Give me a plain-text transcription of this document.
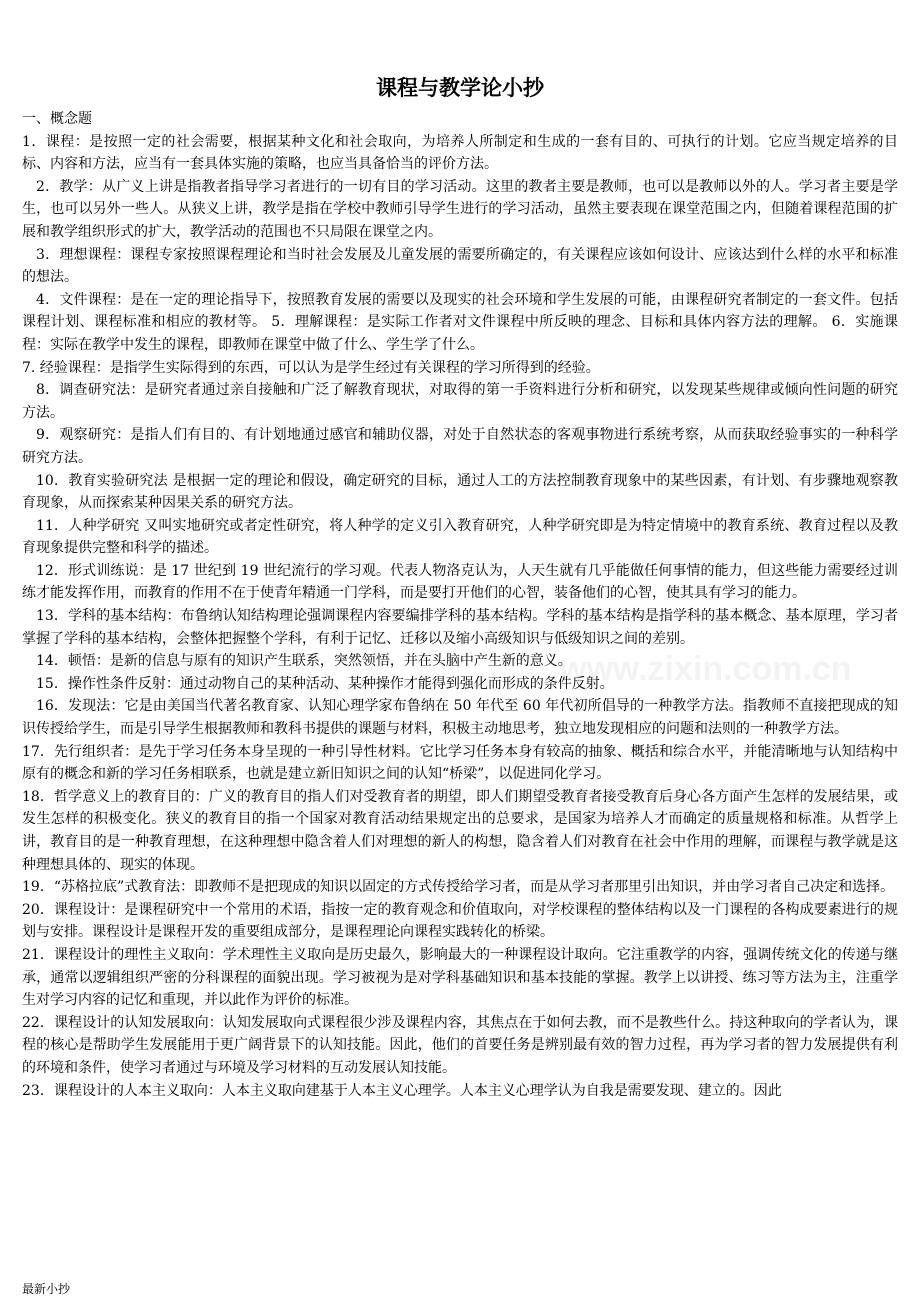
www.zixin.com.cn
课程与教学论小抄

一、概念题

1．课程：是按照一定的社会需要，根据某种文化和社会取向，为培养人所制定和生成的一套有目的、可执行的计划。它应当规定培养的目标、内容和方法，应当有一套具体实施的策略，也应当具备恰当的评价方法。

2．教学：从广义上讲是指教者指导学习者进行的一切有目的学习活动。这里的教者主要是教师，也可以是教师以外的人。学习者主要是学生，也可以另外一些人。从狭义上讲，教学是指在学校中教师引导学生进行的学习活动，虽然主要表现在课堂范围之内，但随着课程范围的扩展和教学组织形式的扩大，教学活动的范围也不只局限在课堂之内。

3．理想课程：课程专家按照课程理论和当时社会发展及儿童发展的需要所确定的，有关课程应该如何设计、应该达到什么样的水平和标准的想法。

4．文件课程：是在一定的理论指导下，按照教育发展的需要以及现实的社会环境和学生发展的可能，由课程研究者制定的一套文件。包括课程计划、课程标准和相应的教材等。 5．理解课程：是实际工作者对文件课程中所反映的理念、目标和具体内容方法的理解。 6．实施课程：实际在教学中发生的课程，即教师在课堂中做了什么、学生学了什么。

7. 经验课程：是指学生实际得到的东西，可以认为是学生经过有关课程的学习所得到的经验。

8．调查研究法：是研究者通过亲自接触和广泛了解教育现状，对取得的第一手资料进行分析和研究，以发现某些规律或倾向性问题的研究方法。

9．观察研究：是指人们有目的、有计划地通过感官和辅助仪器，对处于自然状态的客观事物进行系统考察，从而获取经验事实的一种科学研究方法。

10．教育实验研究法 是根据一定的理论和假设，确定研究的目标，通过人工的方法控制教育现象中的某些因素，有计划、有步骤地观察教育现象，从而探索某种因果关系的研究方法。

11．人种学研究 又叫实地研究或者定性研究，将人种学的定义引入教育研究，人种学研究即是为特定情境中的教育系统、教育过程以及教育现象提供完整和科学的描述。

12．形式训练说：是 17 世纪到 19 世纪流行的学习观。代表人物洛克认为，人天生就有几乎能做任何事情的能力，但这些能力需要经过训练才能发挥作用，而教育的作用不在于使青年精通一门学科，而是要打开他们的心智，装备他们的心智，使其具有学习的能力。

13．学科的基本结构：布鲁纳认知结构理论强调课程内容要编排学科的基本结构。学科的基本结构是指学科的基本概念、基本原理，学习者掌握了学科的基本结构，会整体把握整个学科，有利于记忆、迁移以及缩小高级知识与低级知识之间的差别。

14．顿悟：是新的信息与原有的知识产生联系，突然领悟，并在头脑中产生新的意义。

15．操作性条件反射：通过动物自己的某种活动、某种操作才能得到强化而形成的条件反射。

16．发现法：它是由美国当代著名教育家、认知心理学家布鲁纳在 50 年代至 60 年代初所倡导的一种教学方法。指教师不直接把现成的知识传授给学生，而是引导学生根据教师和教科书提供的课题与材料，积极主动地思考，独立地发现相应的问题和法则的一种教学方法。

17．先行组织者：是先于学习任务本身呈现的一种引导性材料。它比学习任务本身有较高的抽象、概括和综合水平，并能清晰地与认知结构中原有的概念和新的学习任务相联系，也就是建立新旧知识之间的认知“桥梁”，以促进同化学习。

18．哲学意义上的教育目的：广义的教育目的指人们对受教育者的期望，即人们期望受教育者接受教育后身心各方面产生怎样的发展结果，或发生怎样的积极变化。狭义的教育目的指一个国家对教育活动结果规定出的总要求，是国家为培养人才而确定的质量规格和标准。从哲学上讲，教育目的是一种教育理想，在这种理想中隐含着人们对理想的新人的构想，隐含着人们对教育在社会中作用的理解，而课程与教学就是这种理想具体的、现实的体现。

19．“苏格拉底”式教育法：即教师不是把现成的知识以固定的方式传授给学习者，而是从学习者那里引出知识，并由学习者自己决定和选择。

20．课程设计：是课程研究中一个常用的术语，指按一定的教育观念和价值取向，对学校课程的整体结构以及一门课程的各构成要素进行的规划与安排。课程设计是课程开发的重要组成部分，是课程理论向课程实践转化的桥梁。

21．课程设计的理性主义取向：学术理性主义取向是历史最久，影响最大的一种课程设计取向。它注重教学的内容，强调传统文化的传递与继承，通常以逻辑组织严密的分科课程的面貌出现。学习被视为是对学科基础知识和基本技能的掌握。教学上以讲授、练习等方法为主，注重学生对学习内容的记忆和重现，并以此作为评价的标准。

22．课程设计的认知发展取向：认知发展取向式课程很少涉及课程内容，其焦点在于如何去教，而不是教些什么。持这种取向的学者认为，课程的核心是帮助学生发展能用于更广阔背景下的认知技能。因此，他们的首要任务是辨别最有效的智力过程，再为学习者的智力发展提供有利的环境和条件，使学习者通过与环境及学习材料的互动发展认知技能。

23．课程设计的人本主义取向：人本主义取向建基于人本主义心理学。人本主义心理学认为自我是需要发现、建立的。因此

最新小抄
